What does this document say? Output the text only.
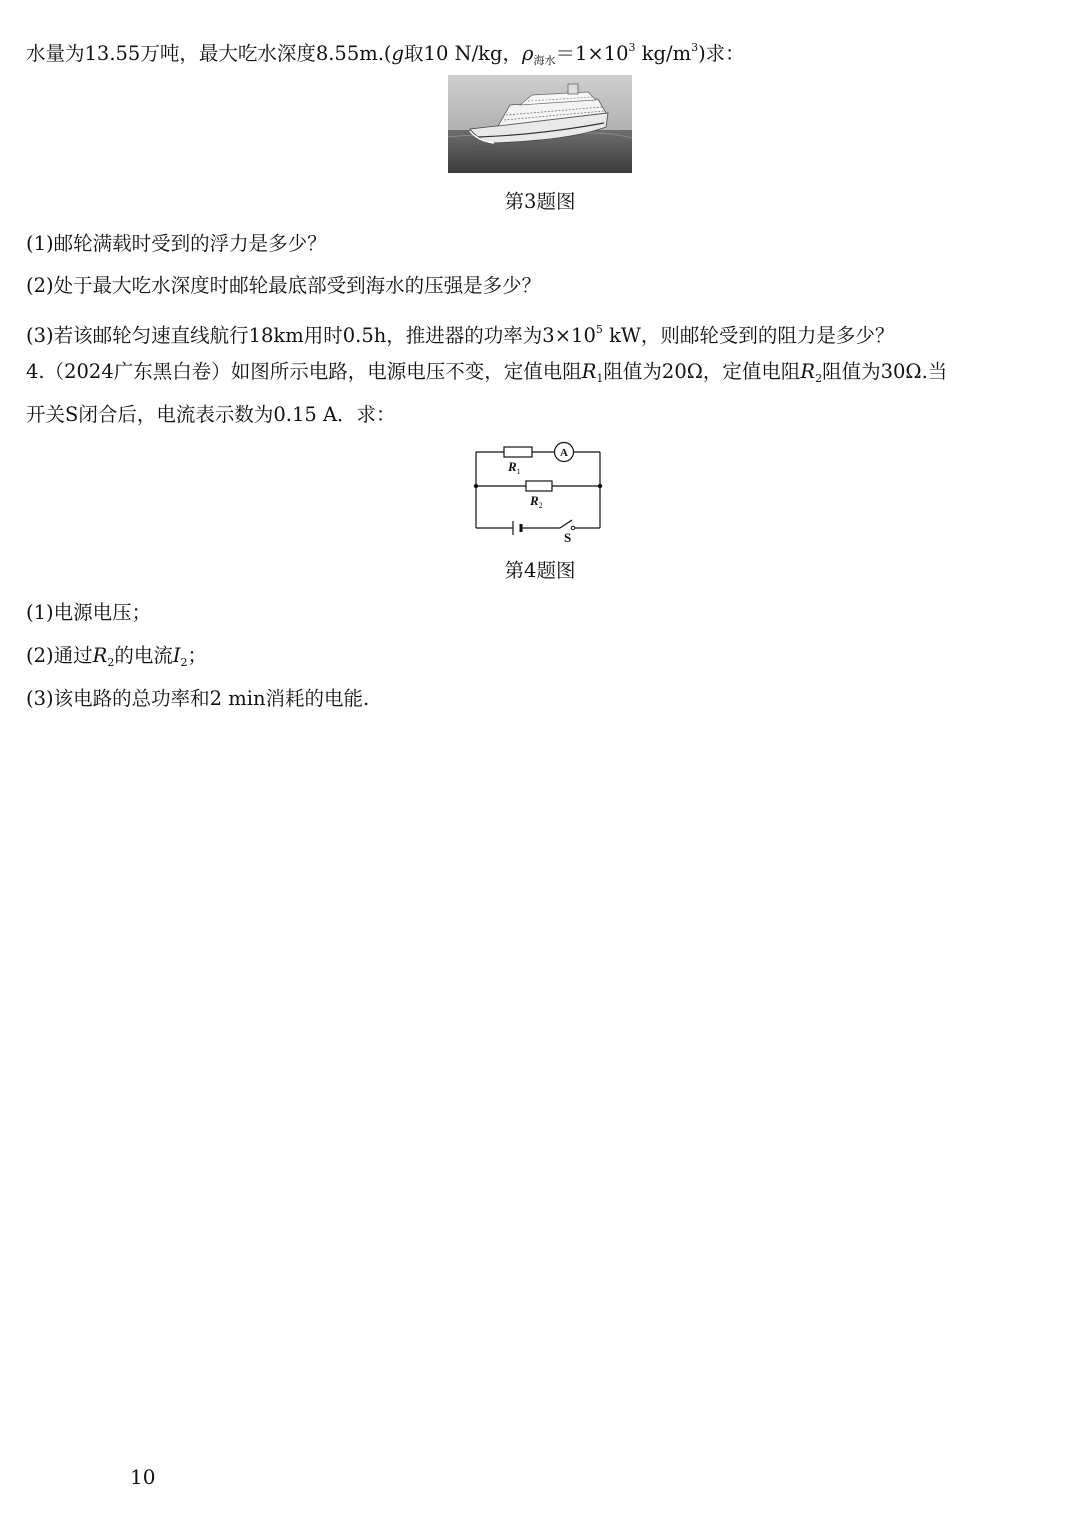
水量为13.55万吨，最大吃水深度8.55m.(g取10 N/kg，$\rho_{海水}=1\times 10^3$ $kg/m^3$)求：
第3题图
(1)邮轮满载时受到的浮力是多少？
(2)处于最大吃水深度时邮轮最底部受到海水的压强是多少？
(3)若该邮轮匀速直线航行18km用时0.5h，推进器的功率为$3\times 10^5$ kW，则邮轮受到的阻力是多少？
4.（2024广东黑白卷）如图所示电路，电源电压不变，定值电阻$R_1$阻值为20Ω，定值电阻$R_2$阻值为30Ω.当
开关S闭合后，电流表示数为0.15 A．求：
$R_1$
$R_2$
A
S
第4题图
(1)电源电压；
(2)通过$R_2$的电流$I_2$；
(3)该电路的总功率和2 min消耗的电能.
10
